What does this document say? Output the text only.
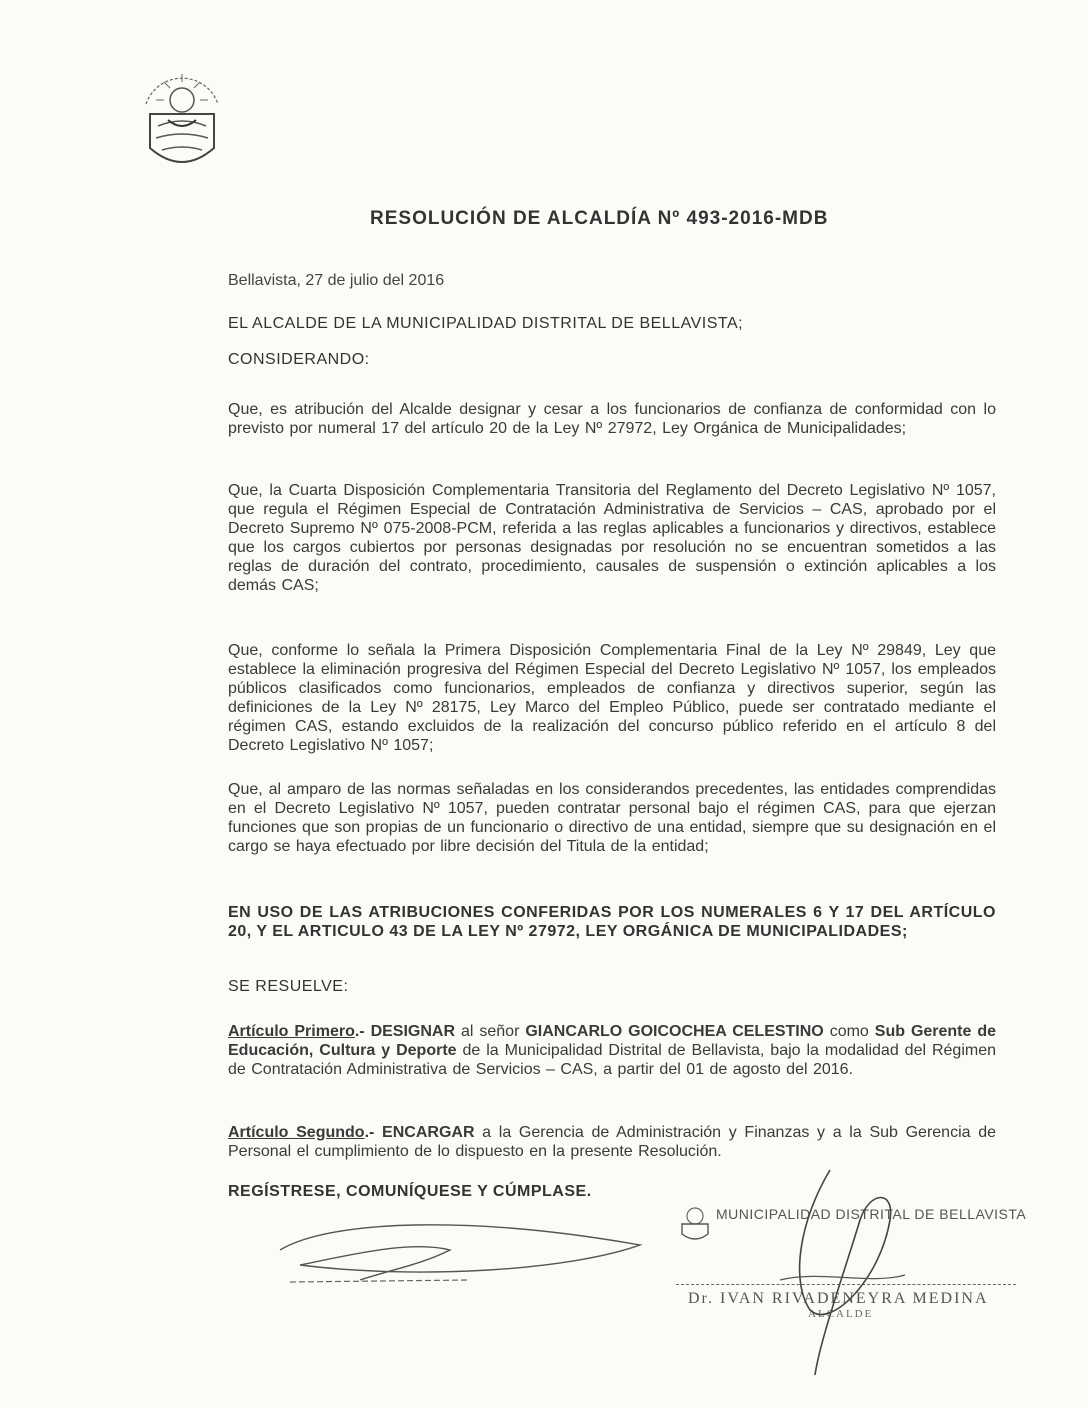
RESOLUCIÓN DE ALCALDÍA Nº 493-2016-MDB
Bellavista, 27 de julio del 2016
EL ALCALDE DE LA MUNICIPALIDAD DISTRITAL DE BELLAVISTA;
CONSIDERANDO:
Que, es atribución del Alcalde designar y cesar a los funcionarios de confianza de conformidad con lo previsto por numeral 17 del artículo 20 de la Ley Nº 27972, Ley Orgánica de Municipalidades;
Que, la Cuarta Disposición Complementaria Transitoria del Reglamento del Decreto Legislativo Nº 1057, que regula el Régimen Especial de Contratación Administrativa de Servicios – CAS, aprobado por el Decreto Supremo Nº 075-2008-PCM, referida a las reglas aplicables a funcionarios y directivos, establece que los cargos cubiertos por personas designadas por resolución no se encuentran sometidos a las reglas de duración del contrato, procedimiento, causales de suspensión o extinción aplicables a los demás CAS;
Que, conforme lo señala la Primera Disposición Complementaria Final de la Ley Nº 29849, Ley que establece la eliminación progresiva del Régimen Especial del Decreto Legislativo Nº 1057, los empleados públicos clasificados como funcionarios, empleados de confianza y directivos superior, según las definiciones de la Ley Nº 28175, Ley Marco del Empleo Público, puede ser contratado mediante el régimen CAS, estando excluidos de la realización del concurso público referido en el artículo 8 del Decreto Legislativo Nº 1057;
Que, al amparo de las normas señaladas en los considerandos precedentes, las entidades comprendidas en el Decreto Legislativo Nº 1057, pueden contratar personal bajo el régimen CAS, para que ejerzan funciones que son propias de un funcionario o directivo de una entidad, siempre que su designación en el cargo se haya efectuado por libre decisión del Titula de la entidad;
EN USO DE LAS ATRIBUCIONES CONFERIDAS POR LOS NUMERALES 6 Y 17 DEL ARTÍCULO 20, Y EL ARTICULO 43 DE LA LEY Nº 27972, LEY ORGÁNICA DE MUNICIPALIDADES;
SE RESUELVE:
Artículo Primero.- DESIGNAR al señor GIANCARLO GOICOCHEA CELESTINO como Sub Gerente de Educación, Cultura y Deporte de la Municipalidad Distrital de Bellavista, bajo la modalidad del Régimen de Contratación Administrativa de Servicios – CAS, a partir del 01 de agosto del 2016.
Artículo Segundo.- ENCARGAR a la Gerencia de Administración y Finanzas y a la Sub Gerencia de Personal el cumplimiento de lo dispuesto en la presente Resolución.
REGÍSTRESE, COMUNÍQUESE Y CÚMPLASE.
MUNICIPALIDAD DISTRITAL DE BELLAVISTA
Dr. IVAN RIVADENEYRA MEDINA
ALCALDE
